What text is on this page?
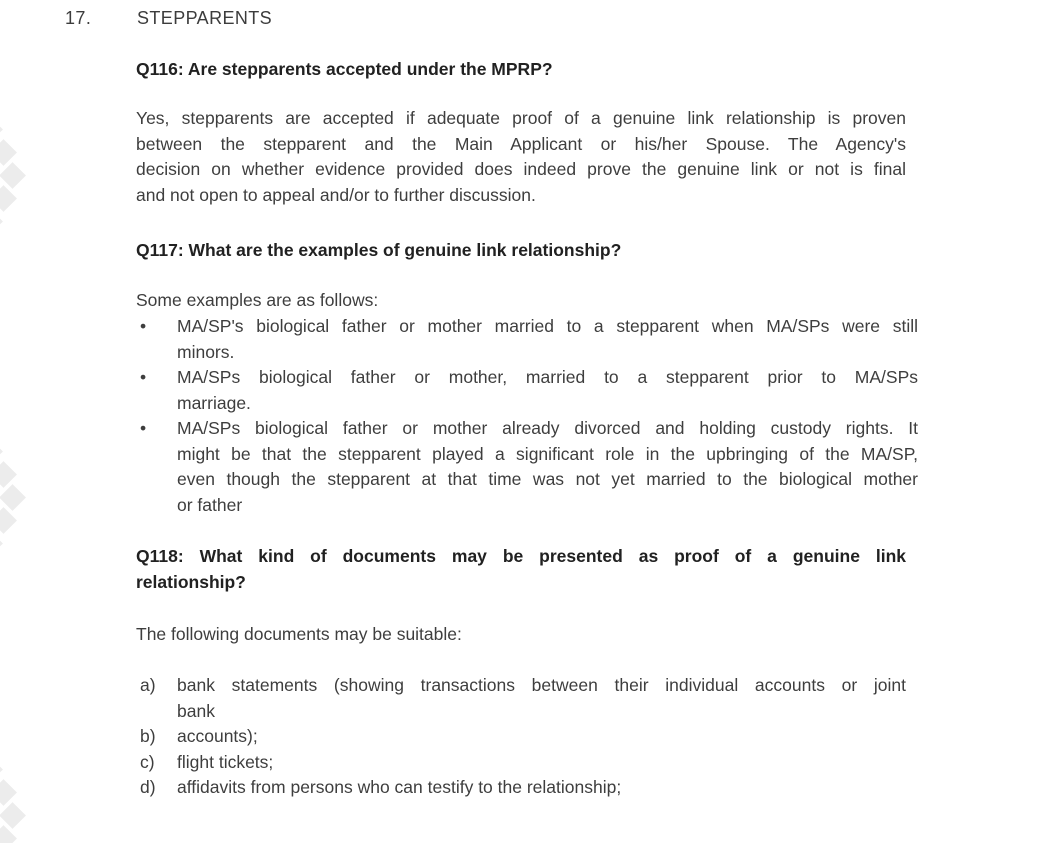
17.	STEPPARENTS
Q116: Are stepparents accepted under the MPRP?
Yes, stepparents are accepted if adequate proof of a genuine link relationship is proven
between the stepparent and the Main Applicant or his/her Spouse. The Agency's
decision on whether evidence provided does indeed prove the genuine link or not is final
and not open to appeal and/or to further discussion.
Q117: What are the examples of genuine link relationship?
Some examples are as follows:
•	MA/SP's biological father or mother married to a stepparent when MA/SPs were still
minors.
•	MA/SPs biological father or mother, married to a stepparent prior to MA/SPs
marriage.
•	MA/SPs biological father or mother already divorced and holding custody rights. It
might be that the stepparent played a significant role in the upbringing of the MA/SP,
even though the stepparent at that time was not yet married to the biological mother
or father
Q118: What kind of documents may be presented as proof of a genuine link
relationship?
The following documents may be suitable:
a)	bank statements (showing transactions between their individual accounts or joint
bank
b)	accounts);
c)	flight tickets;
d)	affidavits from persons who can testify to the relationship;
